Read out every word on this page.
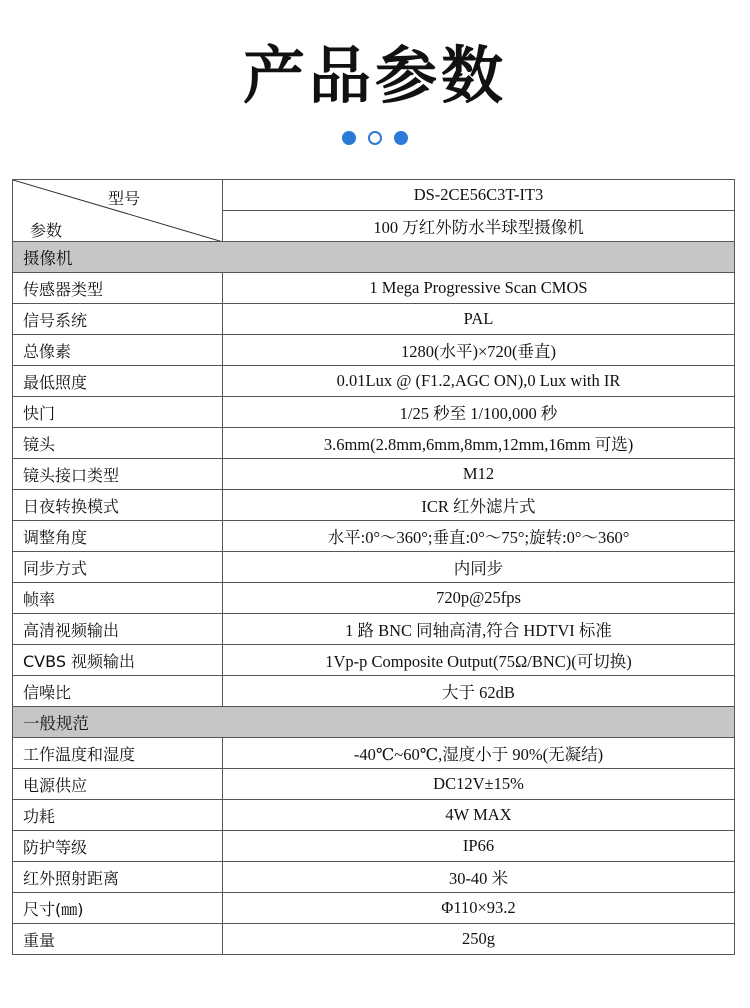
产品参数
型号
参数	DS-2CE56C3T-IT3
	100 万红外防水半球型摄像机
摄像机	
传感器类型	1 Mega Progressive Scan CMOS
信号系统	PAL
总像素	1280(水平)×720(垂直)
最低照度	0.01Lux @ (F1.2,AGC ON),0 Lux with IR
快门	1/25 秒至 1/100,000 秒
镜头	3.6mm(2.8mm,6mm,8mm,12mm,16mm 可选)
镜头接口类型	M12
日夜转换模式	ICR 红外滤片式
调整角度	水平:0°～360°;垂直:0°～75°;旋转:0°～360°
同步方式	内同步
帧率	720p@25fps
高清视频输出	1 路 BNC 同轴高清,符合 HDTVI 标准
CVBS 视频输出	1Vp-p Composite Output(75Ω/BNC)(可切换)
信噪比	大于 62dB
一般规范	
工作温度和湿度	-40℃~60℃,湿度小于 90%(无凝结)
电源供应	DC12V±15%
功耗	4W MAX
防护等级	IP66
红外照射距离	30-40 米
尺寸(㎜)	Φ110×93.2
重量	250g
